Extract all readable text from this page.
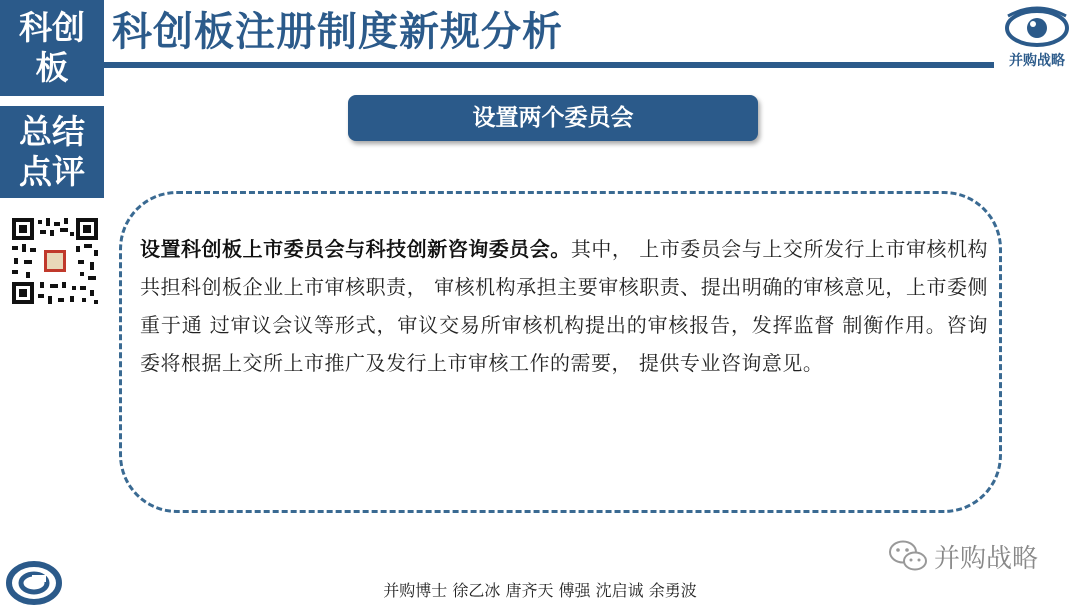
科创
板
总结
点评
科创板注册制度新规分析
并购战略
设置两个委员会
设置科创板上市委员会与科技创新咨询委员会。其中， 上市委员会与上交所发行上市审核机构共担科创板企业上市审核职责， 审核机构承担主要审核职责、提出明确的审核意见，上市委侧重于通 过审议会议等形式，审议交易所审核机构提出的审核报告，发挥监督 制衡作用。咨询委将根据上交所上市推广及发行上市审核工作的需要， 提供专业咨询意见。
并购战略
并购博士 徐乙冰 唐齐天 傅强 沈启诚 余勇波
